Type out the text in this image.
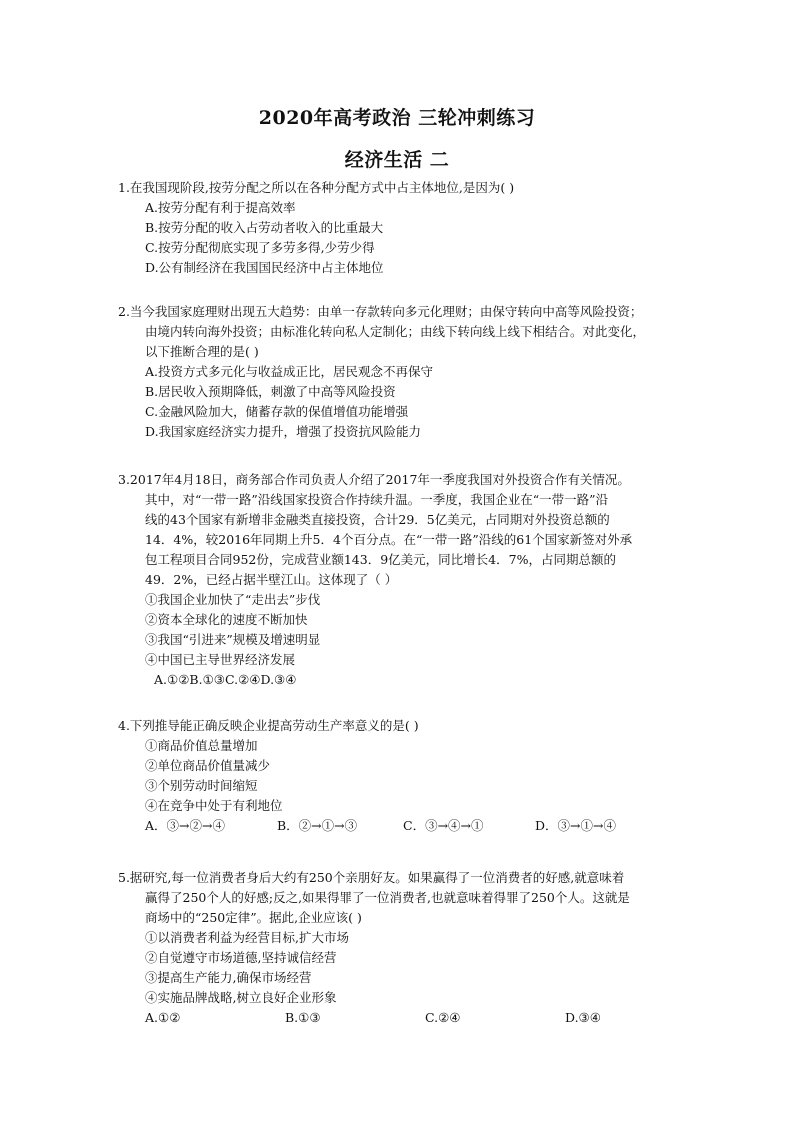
2020年高考政治 三轮冲刺练习
经济生活 二
1.在我国现阶段,按劳分配之所以在各种分配方式中占主体地位,是因为( )
A.按劳分配有利于提高效率
B.按劳分配的收入占劳动者收入的比重最大
C.按劳分配彻底实现了多劳多得,少劳少得
D.公有制经济在我国国民经济中占主体地位
2.当今我国家庭理财出现五大趋势：由单一存款转向多元化理财；由保守转向中高等风险投资；
由境内转向海外投资；由标准化转向私人定制化；由线下转向线上线下相结合。对此变化，
以下推断合理的是( )
A.投资方式多元化与收益成正比，居民观念不再保守
B.居民收入预期降低，刺激了中高等风险投资
C.金融风险加大，储蓄存款的保值增值功能增强
D.我国家庭经济实力提升，增强了投资抗风险能力
3.2017年4月18日，商务部合作司负责人介绍了2017年一季度我国对外投资合作有关情况。
其中，对“一带一路”沿线国家投资合作持续升温。一季度，我国企业在“一带一路”沿
线的43个国家有新增非金融类直接投资，合计29．5亿美元，占同期对外投资总额的
14．4%，较2016年同期上升5．4个百分点。在“一带一路”沿线的61个国家新签对外承
包工程项目合同952份，完成营业额143．9亿美元，同比增长4．7%，占同期总额的
49．2%，已经占据半壁江山。这体现了（ ）
①我国企业加快了“走出去”步伐
②资本全球化的速度不断加快
③我国“引进来”规模及增速明显
④中国已主导世界经济发展
A.①②B.①③C.②④D.③④
4.下列推导能正确反映企业提高劳动生产率意义的是( )
①商品价值总量增加
②单位商品价值量减少
③个别劳动时间缩短
④在竞争中处于有利地位
A．③→②→④	B．②→①→③	C．③→④→①	D．③→①→④
5.据研究,每一位消费者身后大约有250个亲朋好友。如果赢得了一位消费者的好感,就意味着
赢得了250个人的好感;反之,如果得罪了一位消费者,也就意味着得罪了250个人。这就是
商场中的“250定律”。据此,企业应该( )
①以消费者利益为经营目标,扩大市场
②自觉遵守市场道德,坚持诚信经营
③提高生产能力,确保市场经营
④实施品牌战略,树立良好企业形象
A.①②	B.①③	C.②④	D.③④
